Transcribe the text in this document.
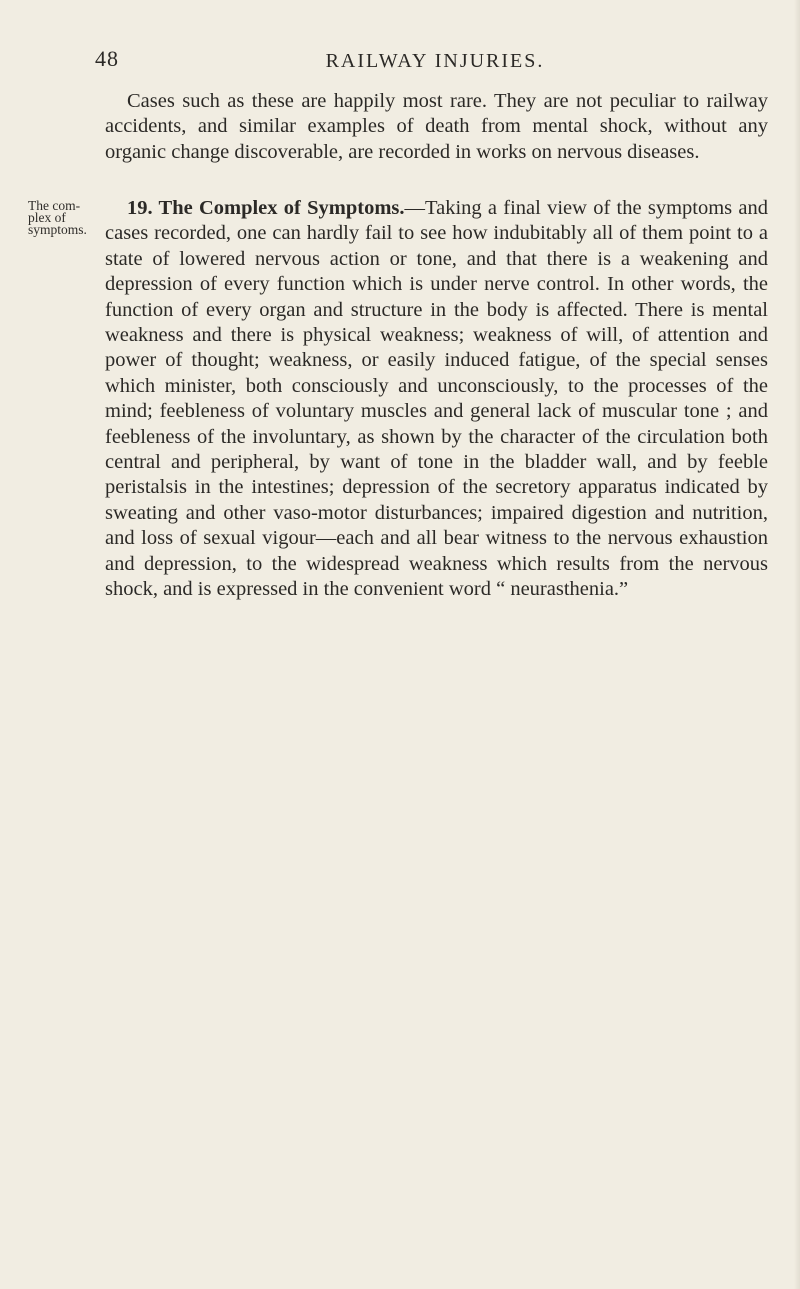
48	RAILWAY INJURIES.

Cases such as these are happily most rare. They are not peculiar to railway accidents, and similar examples of death from mental shock, without any organic change discoverable, are recorded in works on nervous diseases.

The com-
plex of
symptoms.

19. The Complex of Symptoms.—Taking a final view of the symptoms and cases recorded, one can hardly fail to see how indubitably all of them point to a state of lowered nervous action or tone, and that there is a weakening and depression of every function which is under nerve control. In other words, the function of every organ and structure in the body is affected. There is mental weakness and there is physical weakness; weakness of will, of attention and power of thought; weakness, or easily induced fatigue, of the special senses which minister, both consciously and unconsciously, to the processes of the mind; feebleness of voluntary muscles and general lack of muscular tone ; and feebleness of the involuntary, as shown by the character of the circulation both central and peripheral, by want of tone in the bladder wall, and by feeble peristalsis in the intestines; depression of the secretory apparatus indicated by sweating and other vaso-motor disturbances; impaired digestion and nutrition, and loss of sexual vigour—each and all bear witness to the nervous exhaustion and depression, to the widespread weakness which results from the nervous shock, and is expressed in the convenient word “ neurasthenia.”
